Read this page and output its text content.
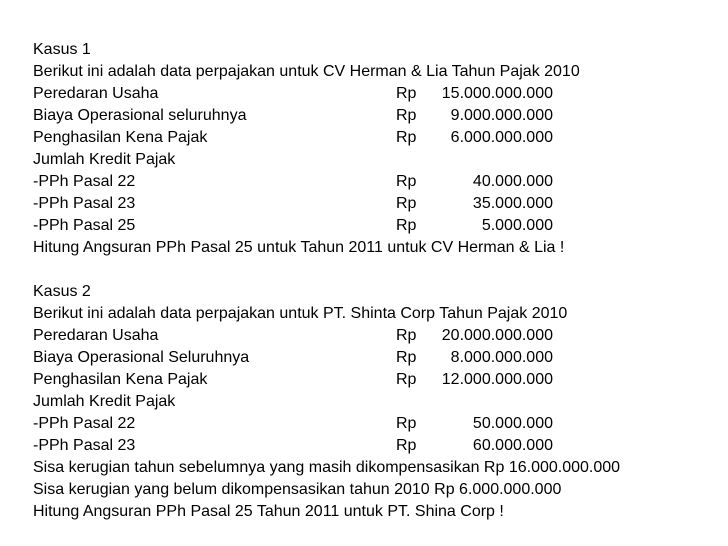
Kasus 1
Berikut ini adalah data perpajakan untuk CV Herman & Lia Tahun Pajak 2010
Peredaran Usaha	Rp 15.000.000.000
Biaya Operasional seluruhnya	Rp 9.000.000.000
Penghasilan Kena Pajak	Rp 6.000.000.000
Jumlah Kredit Pajak
-PPh Pasal 22	Rp	40.000.000
-PPh Pasal 23	Rp	35.000.000
-PPh Pasal 25	Rp	5.000.000
Hitung Angsuran PPh Pasal 25 untuk Tahun 2011 untuk CV Herman & Lia !
Kasus 2
Berikut ini adalah data perpajakan untuk PT. Shinta Corp Tahun Pajak 2010
Peredaran Usaha	Rp 20.000.000.000
Biaya Operasional Seluruhnya	Rp 8.000.000.000
Penghasilan Kena Pajak	Rp 12.000.000.000
Jumlah Kredit Pajak
-PPh Pasal 22	Rp	50.000.000
-PPh Pasal 23	Rp	60.000.000
Sisa kerugian tahun sebelumnya yang masih dikompensasikan Rp 16.000.000.000
Sisa kerugian yang belum dikompensasikan tahun 2010 Rp 6.000.000.000
Hitung Angsuran PPh Pasal 25 Tahun 2011 untuk PT. Shina Corp !
